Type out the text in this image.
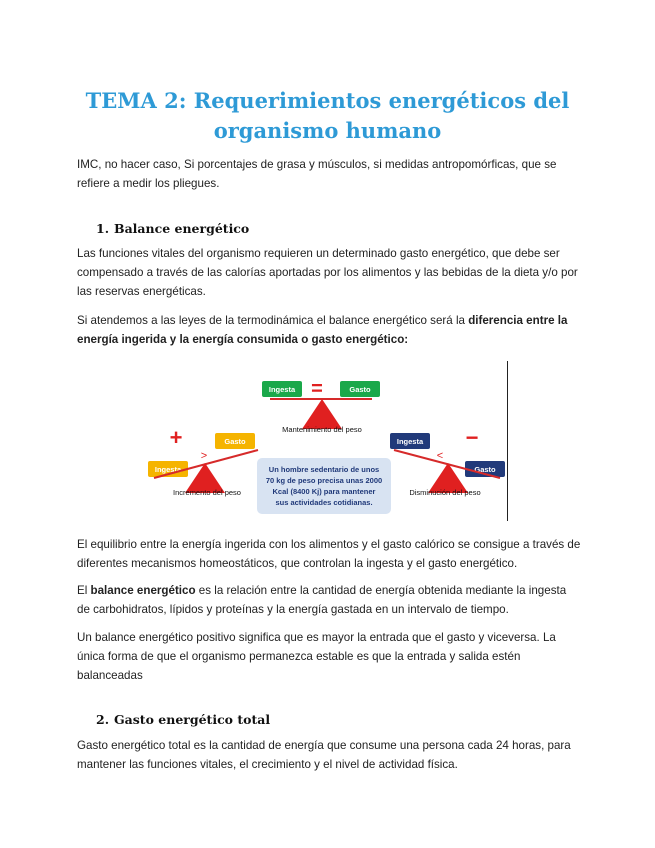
TEMA 2: Requerimientos energéticos del
organismo humano

IMC, no hacer caso, Si porcentajes de grasa y músculos, si medidas antropomórficas, que se refiere a medir los pliegues.

1. Balance energético

Las funciones vitales del organismo requieren un determinado gasto energético, que debe ser compensado a través de las calorías aportadas por los alimentos y las bebidas de la dieta y/o por las reservas energéticas.

Si atendemos a las leyes de la termodinámica el balance energético será la diferencia entre la energía ingerida y la energía consumida o gasto energético:

Ingesta =	Gasto
Mantenimiento del peso
+	Gasto
Ingesta
>
Incremento del peso
Un hombre sedentario de unos
70 kg de peso precisa unas 2000
Kcal (8400 Kj) para mantener
sus actividades cotidianas.
Ingesta −
<
Gasto
Disminución del peso

El equilibrio entre la energía ingerida con los alimentos y el gasto calórico se consigue a través de diferentes mecanismos homeostáticos, que controlan la ingesta y el gasto energético.

El balance energético es la relación entre la cantidad de energía obtenida mediante la ingesta de carbohidratos, lípidos y proteínas y la energía gastada en un intervalo de tiempo.

Un balance energético positivo significa que es mayor la entrada que el gasto y viceversa. La única forma de que el organismo permanezca estable es que la entrada y salida estén balanceadas

2. Gasto energético total

Gasto energético total es la cantidad de energía que consume una persona cada 24 horas, para mantener las funciones vitales, el crecimiento y el nivel de actividad física.
